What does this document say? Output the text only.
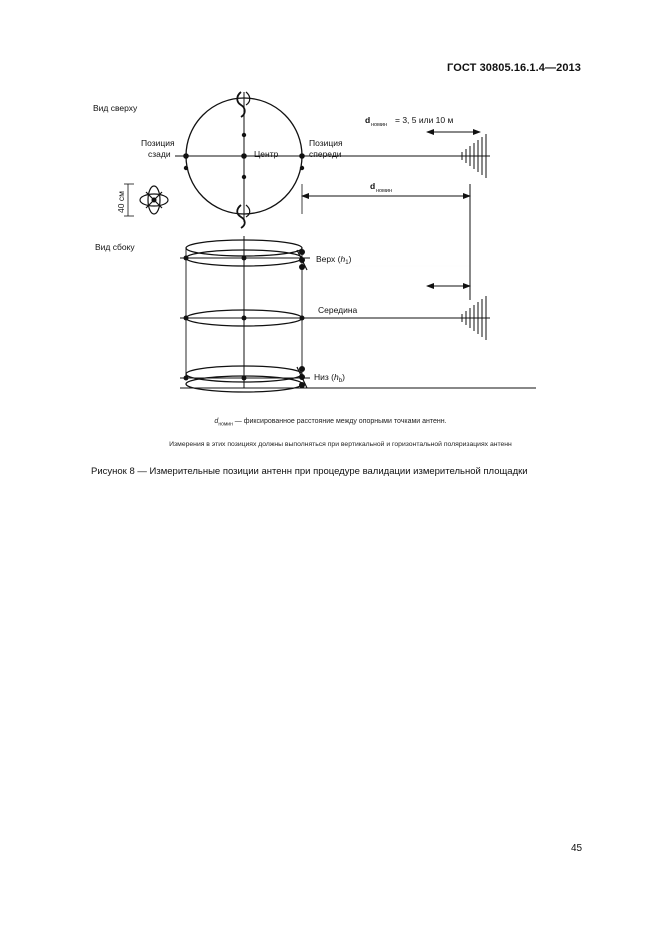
ГОСТ 30805.16.1.4—2013
Вид сверху
Позиция
сзади
Позиция
спереди
Центр
40 см
d номин = 3, 5 или 10 м
d номин
Вид сбоку
Верх $(h_1)$
Середина
Низ $(h_b)$
$d_{номин}$ — фиксированное расстояние между опорными точками антенн.
Измерения в этих позициях должны выполняться при вертикальной и горизонтальной поляризациях антенн
Рисунок 8 — Измерительные позиции антенн при процедуре валидации измерительной площадки
45
